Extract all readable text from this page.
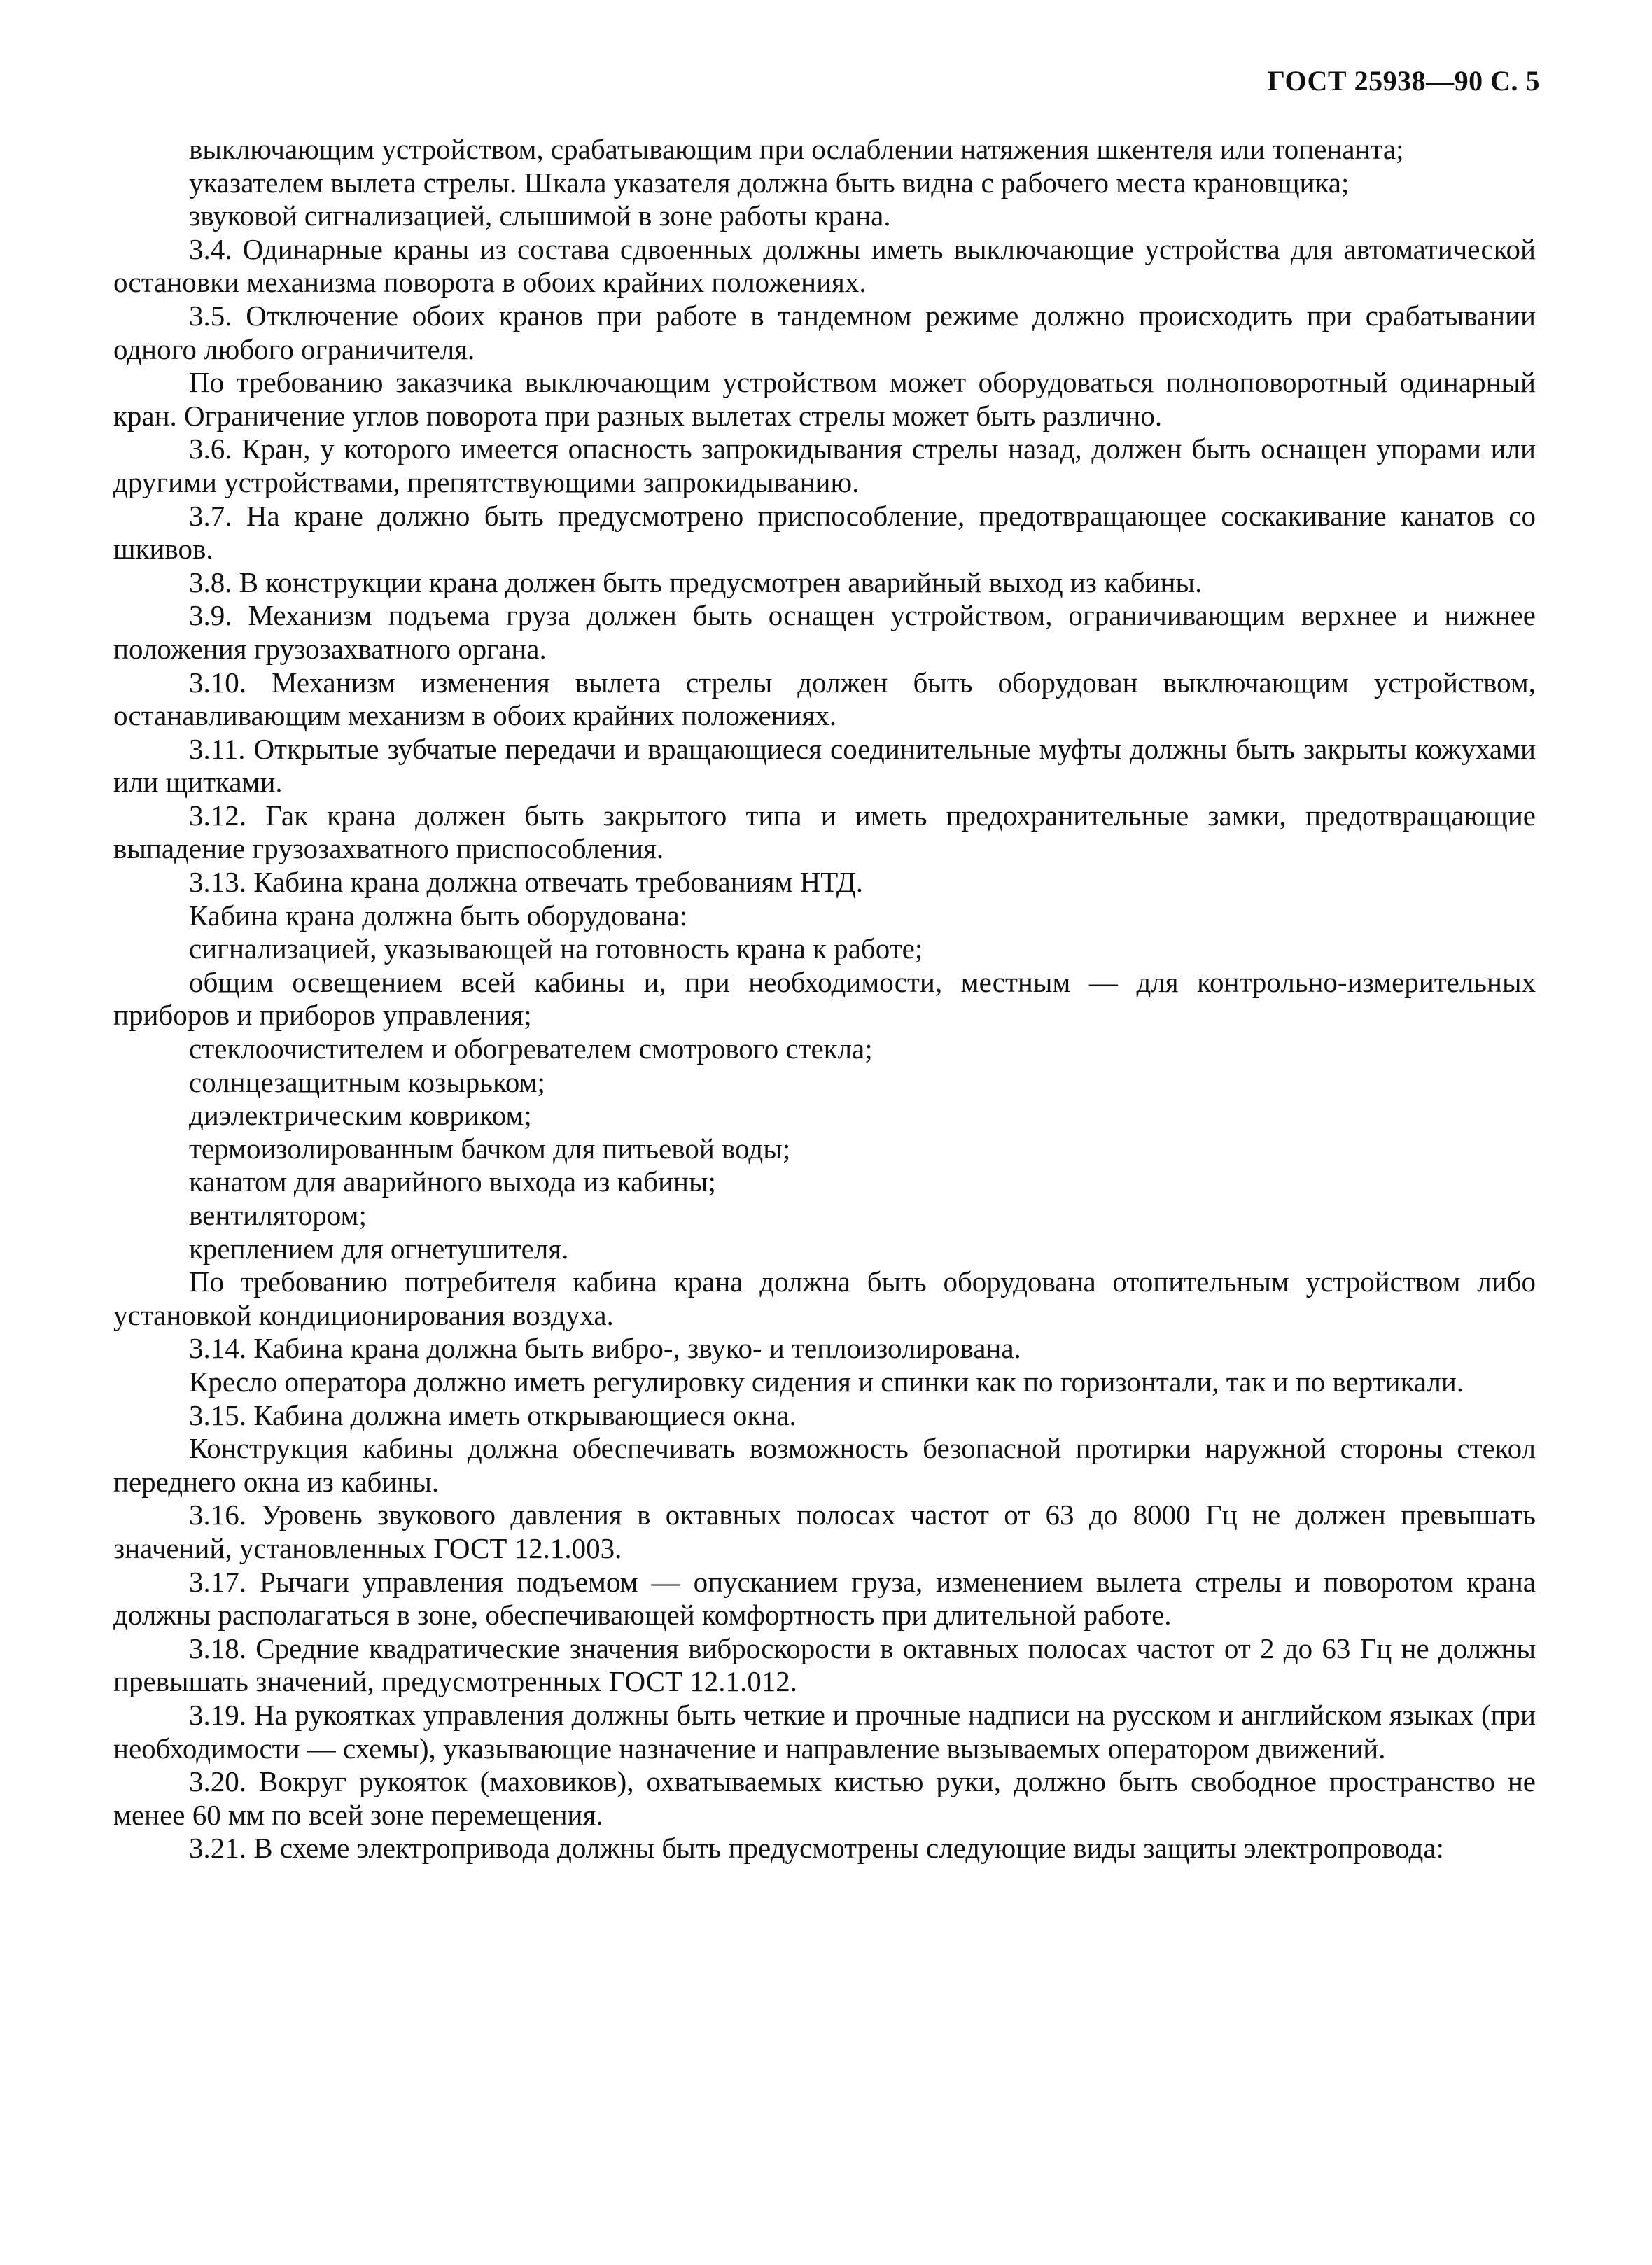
ГОСТ 25938—90 С. 5

выключающим устройством, срабатывающим при ослаблении натяжения шкентеля или топенанта;

указателем вылета стрелы. Шкала указателя должна быть видна с рабочего места крановщика;

звуковой сигнализацией, слышимой в зоне работы крана.

3.4. Одинарные краны из состава сдвоенных должны иметь выключающие устройства для автоматической остановки механизма поворота в обоих крайних положениях.

3.5. Отключение обоих кранов при работе в тандемном режиме должно происходить при срабатывании одного любого ограничителя.

По требованию заказчика выключающим устройством может оборудоваться полноповоротный одинарный кран. Ограничение углов поворота при разных вылетах стрелы может быть различно.

3.6. Кран, у которого имеется опасность запрокидывания стрелы назад, должен быть оснащен упорами или другими устройствами, препятствующими запрокидыванию.

3.7. На кране должно быть предусмотрено приспособление, предотвращающее соскакивание канатов со шкивов.

3.8. В конструкции крана должен быть предусмотрен аварийный выход из кабины.

3.9. Механизм подъема груза должен быть оснащен устройством, ограничивающим верхнее и нижнее положения грузозахватного органа.

3.10. Механизм изменения вылета стрелы должен быть оборудован выключающим устройством, останавливающим механизм в обоих крайних положениях.

3.11. Открытые зубчатые передачи и вращающиеся соединительные муфты должны быть закрыты кожухами или щитками.

3.12. Гак крана должен быть закрытого типа и иметь предохранительные замки, предотвращающие выпадение грузозахватного приспособления.

3.13. Кабина крана должна отвечать требованиям НТД.

Кабина крана должна быть оборудована:

сигнализацией, указывающей на готовность крана к работе;

общим освещением всей кабины и, при необходимости, местным — для контрольно-измерительных приборов и приборов управления;

стеклоочистителем и обогревателем смотрового стекла;

солнцезащитным козырьком;

диэлектрическим ковриком;

термоизолированным бачком для питьевой воды;

канатом для аварийного выхода из кабины;

вентилятором;

креплением для огнетушителя.

По требованию потребителя кабина крана должна быть оборудована отопительным устройством либо установкой кондиционирования воздуха.

3.14. Кабина крана должна быть вибро-, звуко- и теплоизолирована.

Кресло оператора должно иметь регулировку сидения и спинки как по горизонтали, так и по вертикали.

3.15. Кабина должна иметь открывающиеся окна.

Конструкция кабины должна обеспечивать возможность безопасной протирки наружной стороны стекол переднего окна из кабины.

3.16. Уровень звукового давления в октавных полосах частот от 63 до 8000 Гц не должен превышать значений, установленных ГОСТ 12.1.003.

3.17. Рычаги управления подъемом — опусканием груза, изменением вылета стрелы и поворотом крана должны располагаться в зоне, обеспечивающей комфортность при длительной работе.

3.18. Средние квадратические значения виброскорости в октавных полосах частот от 2 до 63 Гц не должны превышать значений, предусмотренных ГОСТ 12.1.012.

3.19. На рукоятках управления должны быть четкие и прочные надписи на русском и английском языках (при необходимости — схемы), указывающие назначение и направление вызываемых оператором движений.

3.20. Вокруг рукояток (маховиков), охватываемых кистью руки, должно быть свободное пространство не менее 60 мм по всей зоне перемещения.

3.21. В схеме электропривода должны быть предусмотрены следующие виды защиты электропровода:
